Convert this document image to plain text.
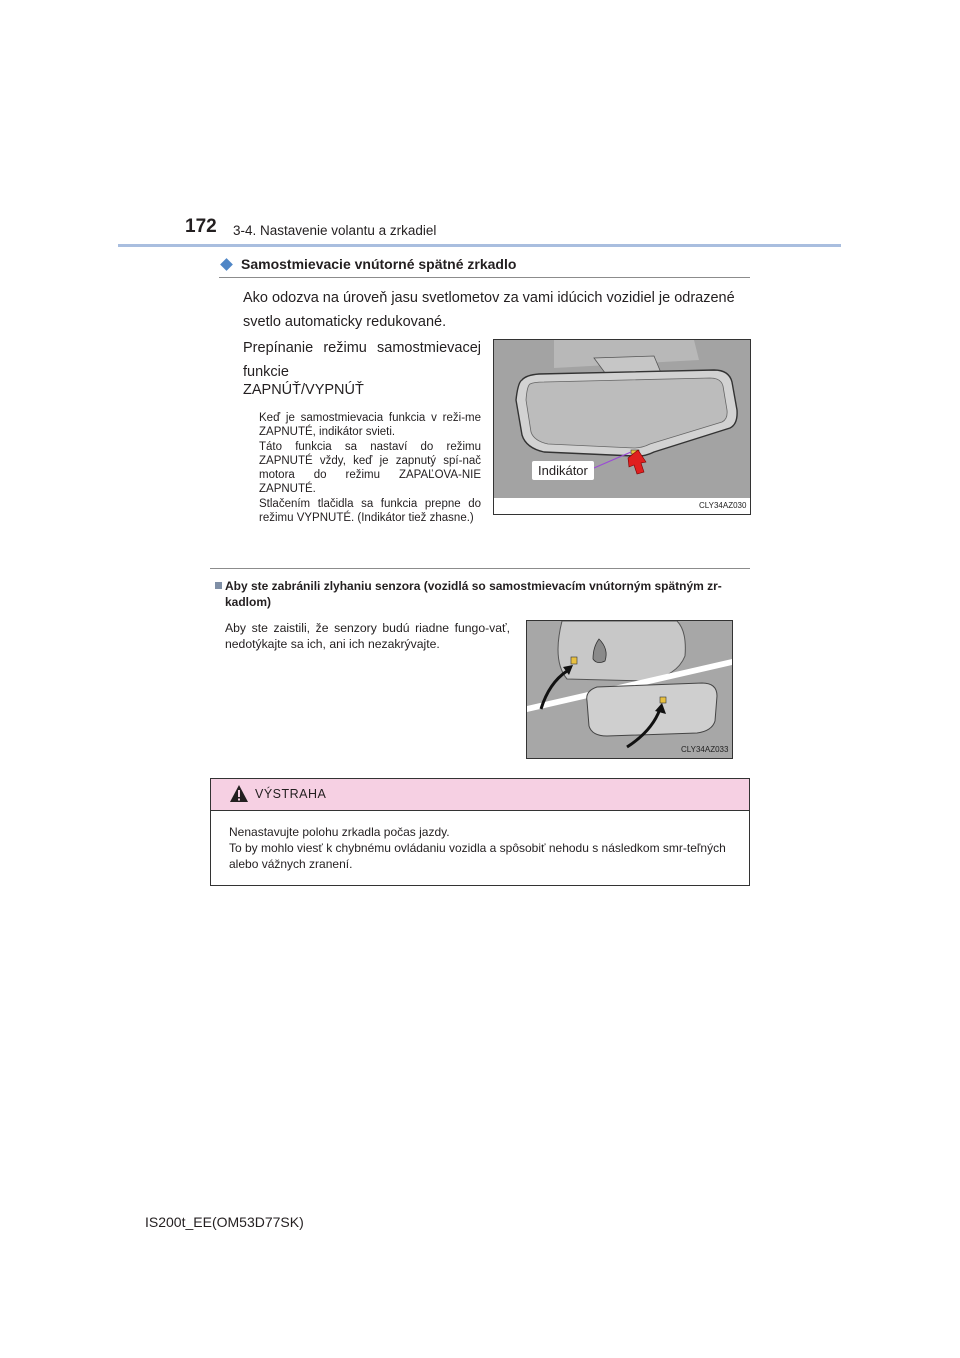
172 3-4. Nastavenie volantu a zrkadiel
Samostmievacie vnútorné spätné zrkadlo
Ako odozva na úroveň jasu svetlometov za vami idúcich vozidiel je odrazené svetlo automaticky redukované.
Prepínanie režimu samostmievacej funkcie
ZAPNÚŤ/VYPNÚŤ

Keď je samostmievacia funkcia v reži-me ZAPNUTÉ, indikátor svieti.

Táto funkcia sa nastaví do režimu ZAPNUTÉ vždy, keď je zapnutý spí-nač motora do režimu ZAPAĽOVA-NIE ZAPNUTÉ.

Stlačením tlačidla sa funkcia prepne do režimu VYPNUTÉ. (Indikátor tiež zhasne.)

Indikátor
CLY34AZ030
Aby ste zabránili zlyhaniu senzora (vozidlá so samostmievacím vnútorným spätným zr-kadlom)
Aby ste zaistili, že senzory budú riadne fungo-vať, nedotýkajte sa ich, ani ich nezakrývajte.
CLY34AZ033
VÝSTRAHA

Nenastavujte polohu zrkadla počas jazdy.

To by mohlo viesť k chybnému ovládaniu vozidla a spôsobiť nehodu s následkom smr-teľných alebo vážnych zranení.

IS200t_EE(OM53D77SK)
